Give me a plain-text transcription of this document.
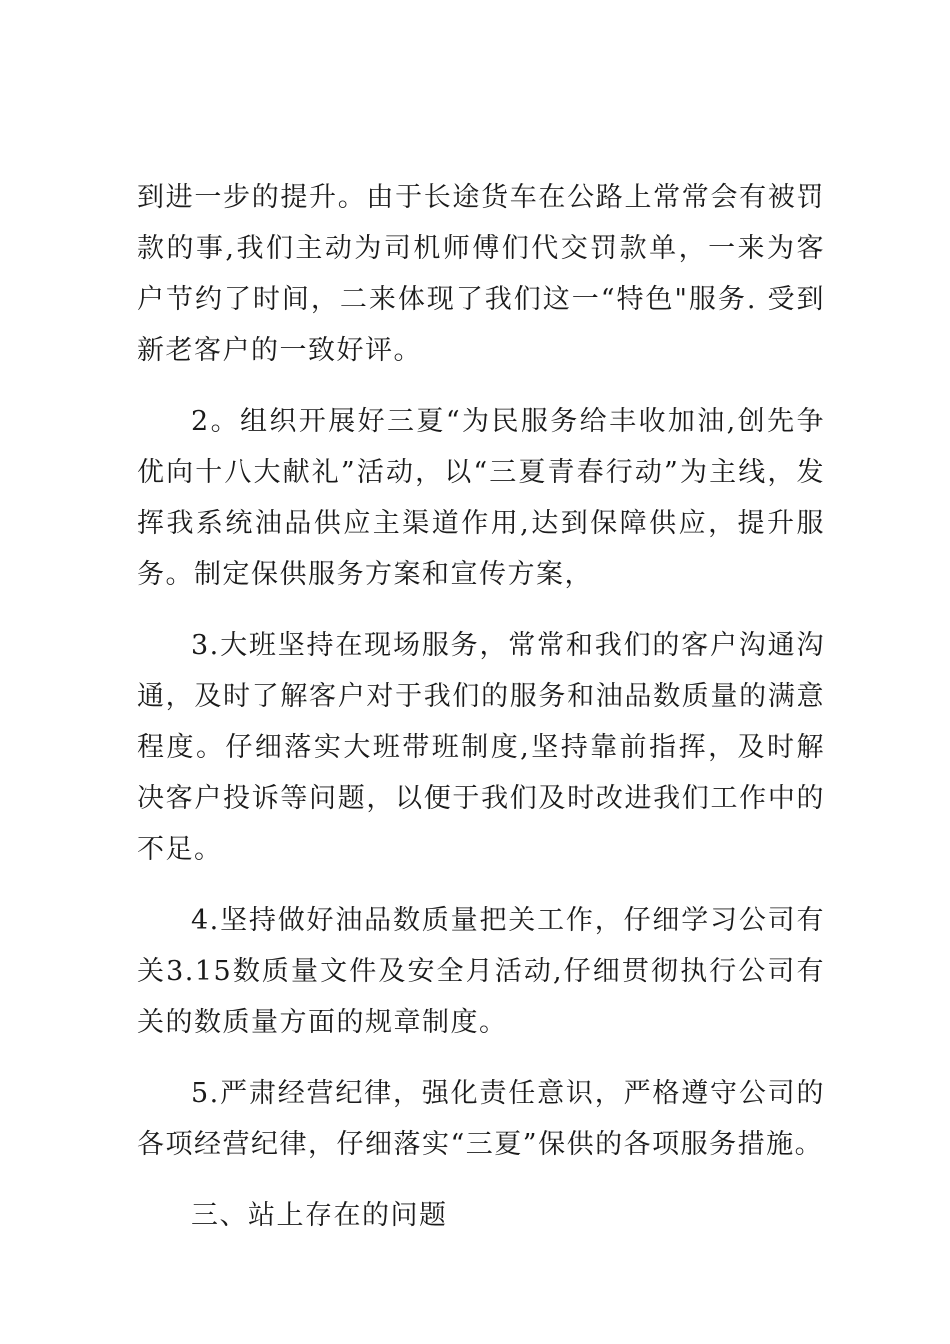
到进一步的提升。由于长途货车在公路上常常会有被罚款的事,我们主动为司机师傅们代交罚款单，一来为客户节约了时间，二来体现了我们这一“特色"服务. 受到新老客户的一致好评。

2。组织开展好三夏“为民服务给丰收加油,创先争优向十八大献礼”活动，以“三夏青春行动”为主线，发挥我系统油品供应主渠道作用,达到保障供应，提升服务。制定保供服务方案和宣传方案，

3.大班坚持在现场服务，常常和我们的客户沟通沟通，及时了解客户对于我们的服务和油品数质量的满意程度。仔细落实大班带班制度,坚持靠前指挥，及时解决客户投诉等问题，以便于我们及时改进我们工作中的不足。

4.坚持做好油品数质量把关工作，仔细学习公司有关3.15数质量文件及安全月活动,仔细贯彻执行公司有关的数质量方面的规章制度。

5.严肃经营纪律，强化责任意识，严格遵守公司的各项经营纪律，仔细落实“三夏”保供的各项服务措施。

三、站上存在的问题
